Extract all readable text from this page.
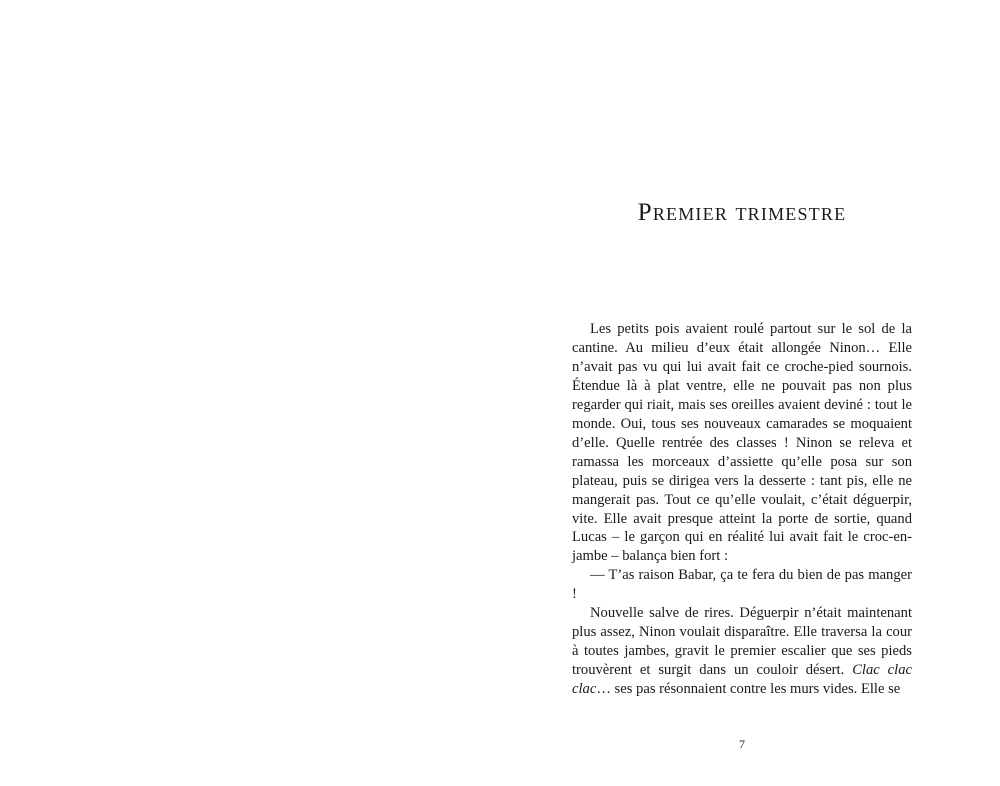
Premier trimestre

Les petits pois avaient roulé partout sur le sol de la cantine. Au milieu d’eux était allongée Ninon… Elle n’avait pas vu qui lui avait fait ce croche-pied sournois. Étendue là à plat ventre, elle ne pouvait pas non plus regarder qui riait, mais ses oreilles avaient deviné : tout le monde. Oui, tous ses nouveaux camarades se moquaient d’elle. Quelle rentrée des classes ! Ninon se releva et ramassa les morceaux d’assiette qu’elle posa sur son plateau, puis se dirigea vers la desserte : tant pis, elle ne mangerait pas. Tout ce qu’elle voulait, c’était déguerpir, vite. Elle avait presque atteint la porte de sortie, quand Lucas – le garçon qui en réalité lui avait fait le croc-en-jambe – balança bien fort :

— T’as raison Babar, ça te fera du bien de pas manger !

Nouvelle salve de rires. Déguerpir n’était maintenant plus assez, Ninon voulait disparaître. Elle traversa la cour à toutes jambes, gravit le premier escalier que ses pieds trouvèrent et surgit dans un couloir désert. Clac clac clac… ses pas résonnaient contre les murs vides. Elle se

7
